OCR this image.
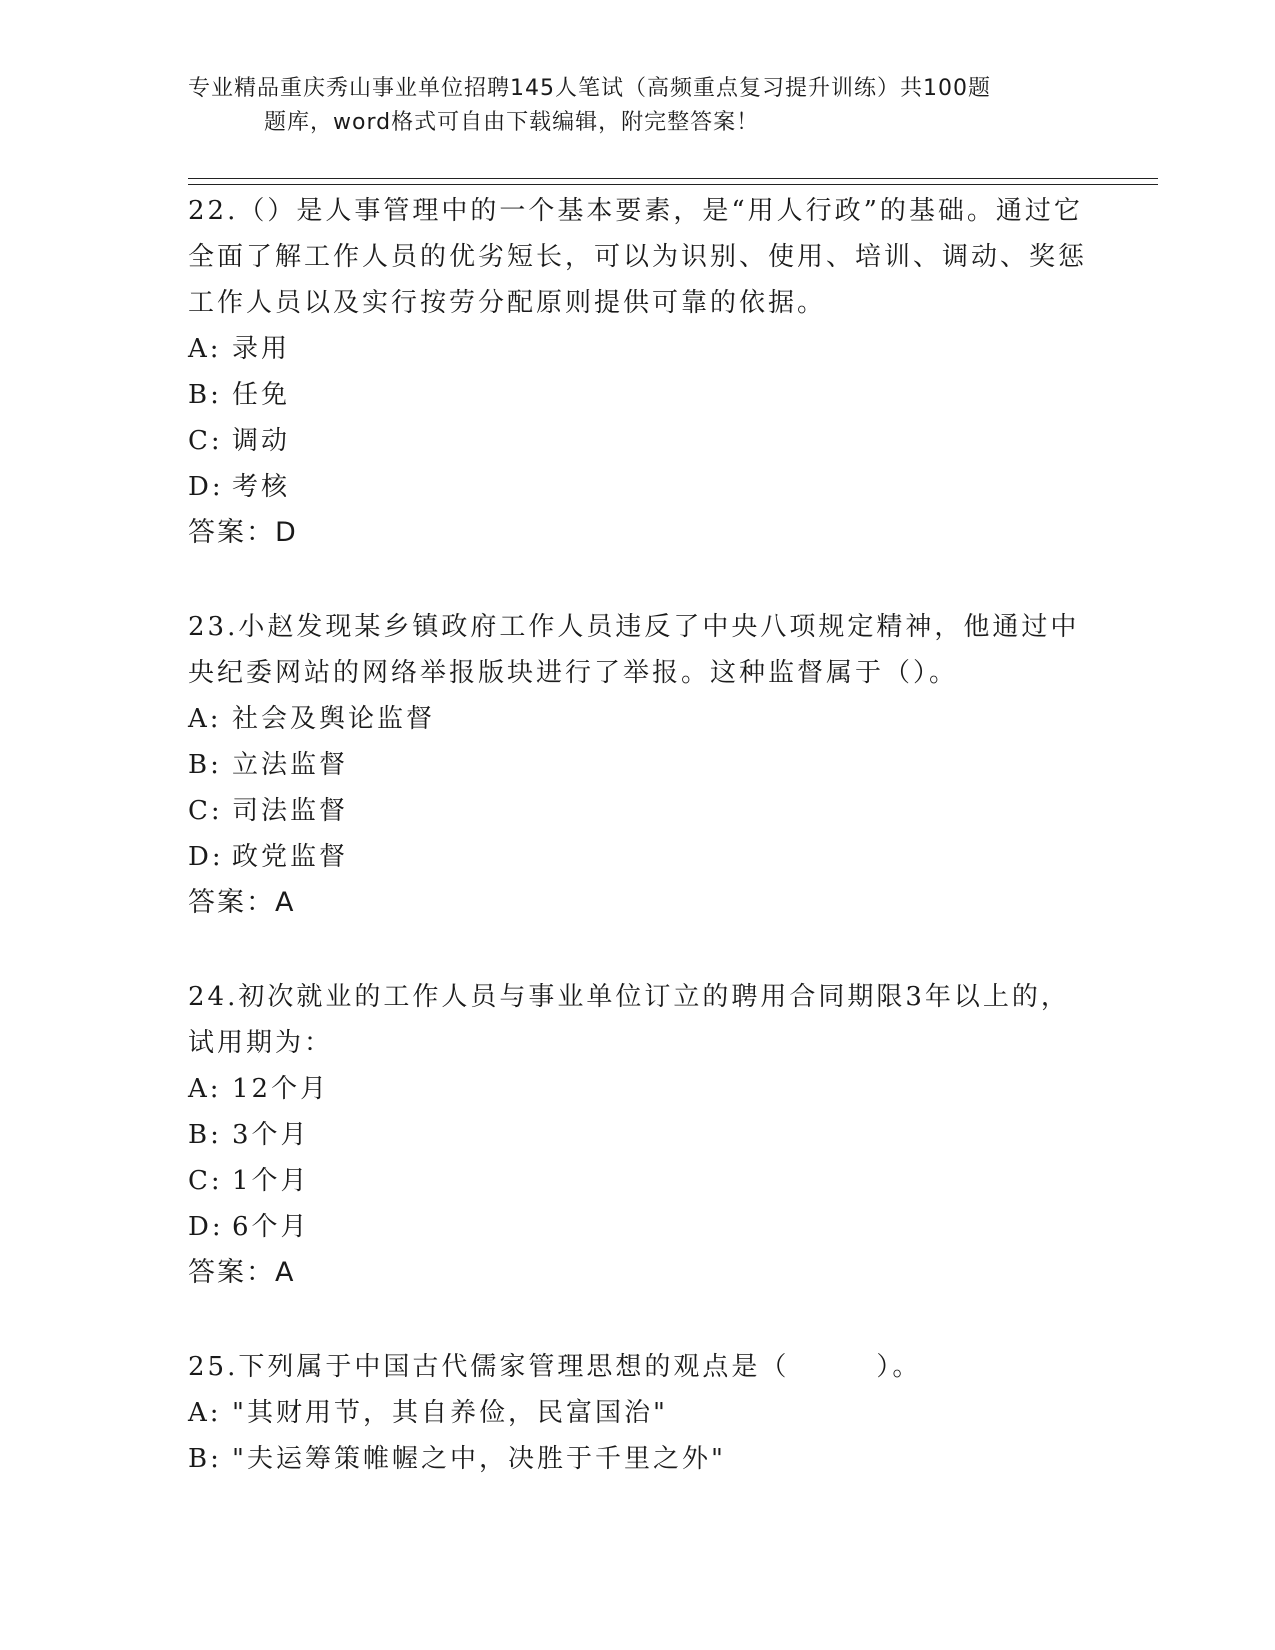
专业精品重庆秀山事业单位招聘145人笔试（高频重点复习提升训练）共100题
题库，word格式可自由下载编辑，附完整答案！

22.（）是人事管理中的一个基本要素，是“用人行政”的基础。通过它全面了解工作人员的优劣短长，可以为识别、使用、培训、调动、奖惩工作人员以及实行按劳分配原则提供可靠的依据。

A: 录用
B: 任免
C: 调动
D: 考核

答案：D

23.小赵发现某乡镇政府工作人员违反了中央八项规定精神，他通过中央纪委网站的网络举报版块进行了举报。这种监督属于（）。

A: 社会及舆论监督
B: 立法监督
C: 司法监督
D: 政党监督

答案：A

24.初次就业的工作人员与事业单位订立的聘用合同期限3年以上的，试用期为：

A: 12个月
B: 3个月
C: 1个月
D: 6个月

答案：A

25.下列属于中国古代儒家管理思想的观点是（　　　）。

A: "其财用节，其自养俭，民富国治"
B: "夫运筹策帷幄之中，决胜于千里之外"
